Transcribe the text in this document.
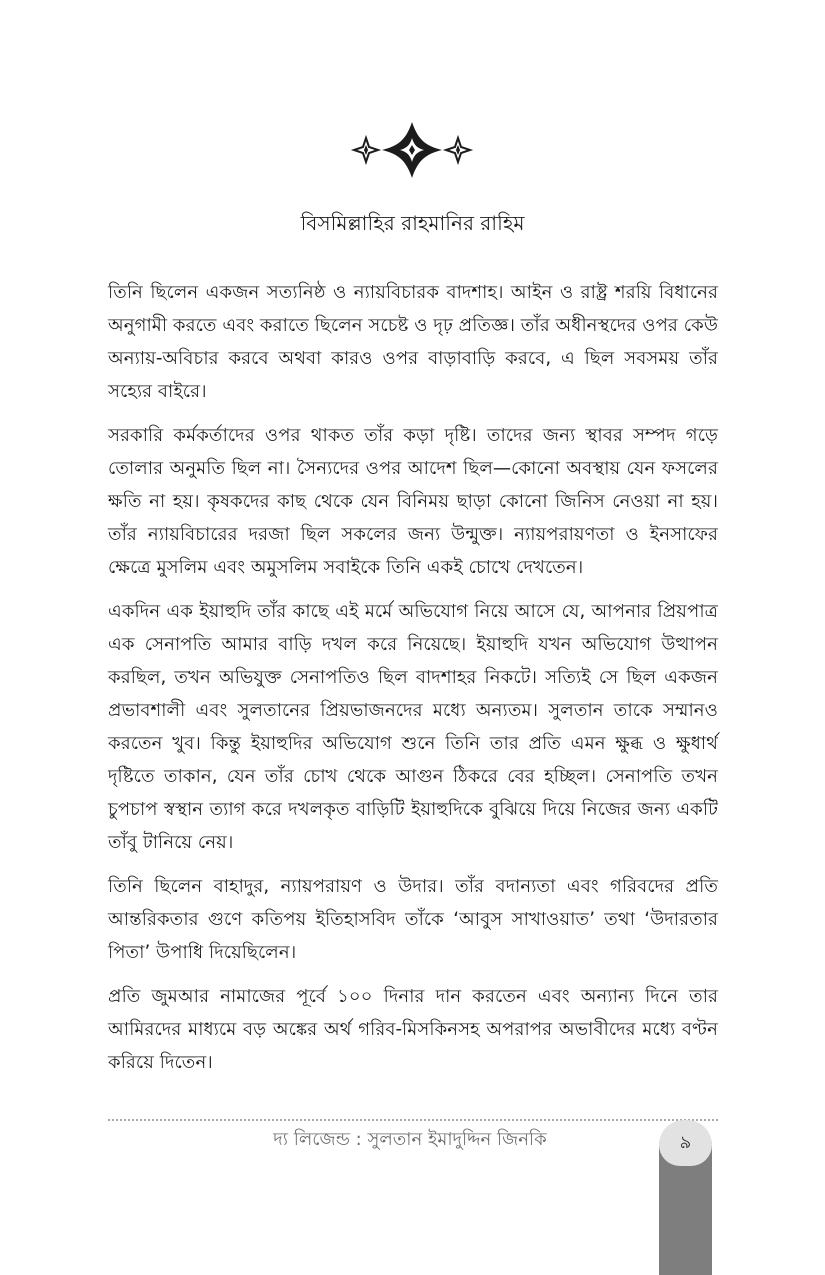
বিসমিল্লাহির রাহমানির রাহিম

তিনি ছিলেন একজন সত্যনিষ্ঠ ও ন্যায়বিচারক বাদশাহ। আইন ও রাষ্ট্র শরয়ি বিধানের অনুগামী করতে এবং করাতে ছিলেন সচেষ্ট ও দৃঢ় প্রতিজ্ঞ। তাঁর অধীনস্থদের ওপর কেউ অন্যায়-অবিচার করবে অথবা কারও ওপর বাড়াবাড়ি করবে, এ ছিল সবসময় তাঁর সহ্যের বাইরে।

সরকারি কর্মকর্তাদের ওপর থাকত তাঁর কড়া দৃষ্টি। তাদের জন্য স্থাবর সম্পদ গড়ে তোলার অনুমতি ছিল না। সৈন্যদের ওপর আদেশ ছিল—কোনো অবস্থায় যেন ফসলের ক্ষতি না হয়। কৃষকদের কাছ থেকে যেন বিনিময় ছাড়া কোনো জিনিস নেওয়া না হয়। তাঁর ন্যায়বিচারের দরজা ছিল সকলের জন্য উন্মুক্ত। ন্যায়পরায়ণতা ও ইনসাফের ক্ষেত্রে মুসলিম এবং অমুসলিম সবাইকে তিনি একই চোখে দেখতেন।

একদিন এক ইয়াহুদি তাঁর কাছে এই মর্মে অভিযোগ নিয়ে আসে যে, আপনার প্রিয়পাত্র এক সেনাপতি আমার বাড়ি দখল করে নিয়েছে। ইয়াহুদি যখন অভিযোগ উত্থাপন করছিল, তখন অভিযুক্ত সেনাপতিও ছিল বাদশাহর নিকটে। সত্যিই সে ছিল একজন প্রভাবশালী এবং সুলতানের প্রিয়ভাজনদের মধ্যে অন্যতম। সুলতান তাকে সম্মানও করতেন খুব। কিন্তু ইয়াহুদির অভিযোগ শুনে তিনি তার প্রতি এমন ক্ষুব্ধ ও ক্ষুধার্থ দৃষ্টিতে তাকান, যেন তাঁর চোখ থেকে আগুন ঠিকরে বের হচ্ছিল। সেনাপতি তখন চুপচাপ স্বস্থান ত্যাগ করে দখলকৃত বাড়িটি ইয়াহুদিকে বুঝিয়ে দিয়ে নিজের জন্য একটি তাঁবু টানিয়ে নেয়।

তিনি ছিলেন বাহাদুর, ন্যায়পরায়ণ ও উদার। তাঁর বদান্যতা এবং গরিবদের প্রতি আন্তরিকতার গুণে কতিপয় ইতিহাসবিদ তাঁকে ‘আবুস সাখাওয়াত’ তথা ‘উদারতার পিতা’ উপাধি দিয়েছিলেন।

প্রতি জুমআর নামাজের পূর্বে ১০০ দিনার দান করতেন এবং অন্যান্য দিনে তার আমিরদের মাধ্যমে বড় অঙ্কের অর্থ গরিব-মিসকিনসহ অপরাপর অভাবীদের মধ্যে বণ্টন করিয়ে দিতেন।

দ্য লিজেন্ড : সুলতান ইমাদুদ্দিন জিনকি	৯
